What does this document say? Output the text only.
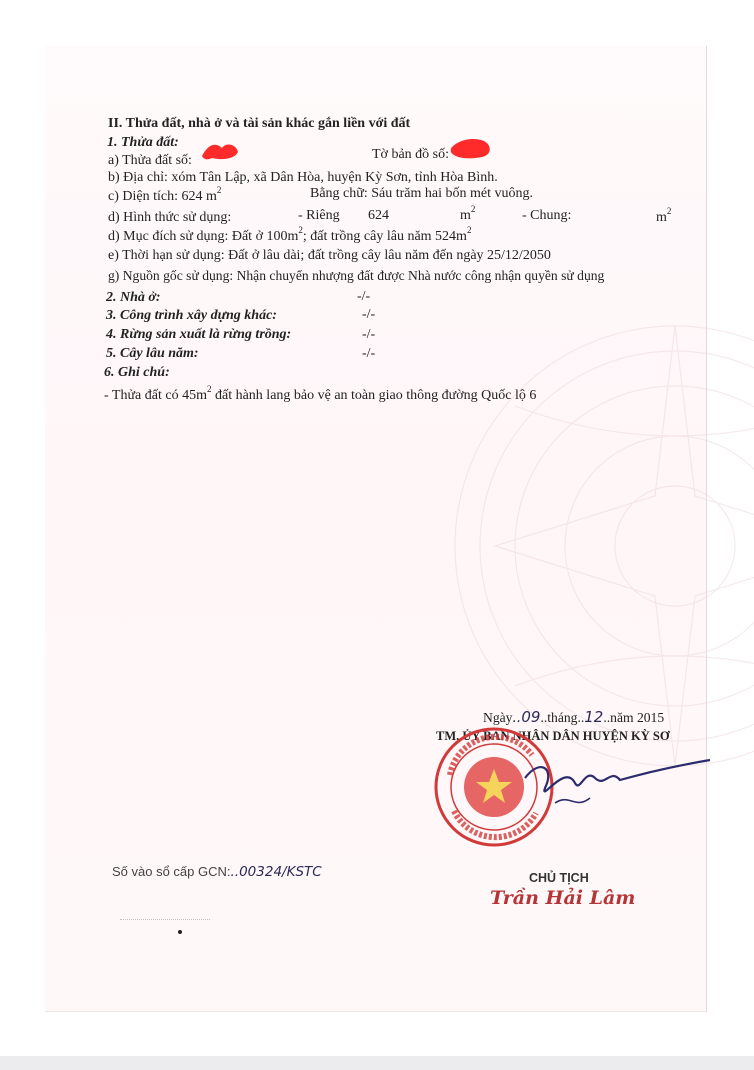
II. Thửa đất, nhà ở và tài sản khác gắn liền với đất
1. Thửa đất:
a) Thửa đất số:	Tờ bản đồ số:
b) Địa chỉ: xóm Tân Lập, xã Dân Hòa, huyện Kỳ Sơn, tỉnh Hòa Bình.
c) Diện tích: 624 $m^2$	Bằng chữ: Sáu trăm hai bốn mét vuông.
d) Hình thức sử dụng:	- Riêng 624	$m^2$	- Chung:	$m^2$
d) Mục đích sử dụng: Đất ở $100m^2$; đất trồng cây lâu năm $524m^2$
e) Thời hạn sử dụng: Đất ở lâu dài; đất trồng cây lâu năm đến ngày 25/12/2050
g) Nguồn gốc sử dụng: Nhận chuyển nhượng đất được Nhà nước công nhận quyền sử dụng
2. Nhà ở:	-/-
3. Công trình xây dựng khác:	-/-
4. Rừng sản xuất là rừng trồng:	-/-
5. Cây lâu năm:	-/-
6. Ghi chú:
- Thửa đất có $45m^2$ đất hành lang bảo vệ an toàn giao thông đường Quốc lộ 6
Ngày..09..tháng..12..năm 2015
TM. ỦY BAN NHÂN DÂN HUYỆN KỲ SƠ
CHỦ TỊCH
Trần Hải Lâm
Số vào sổ cấp GCN:..00324/KSTC
